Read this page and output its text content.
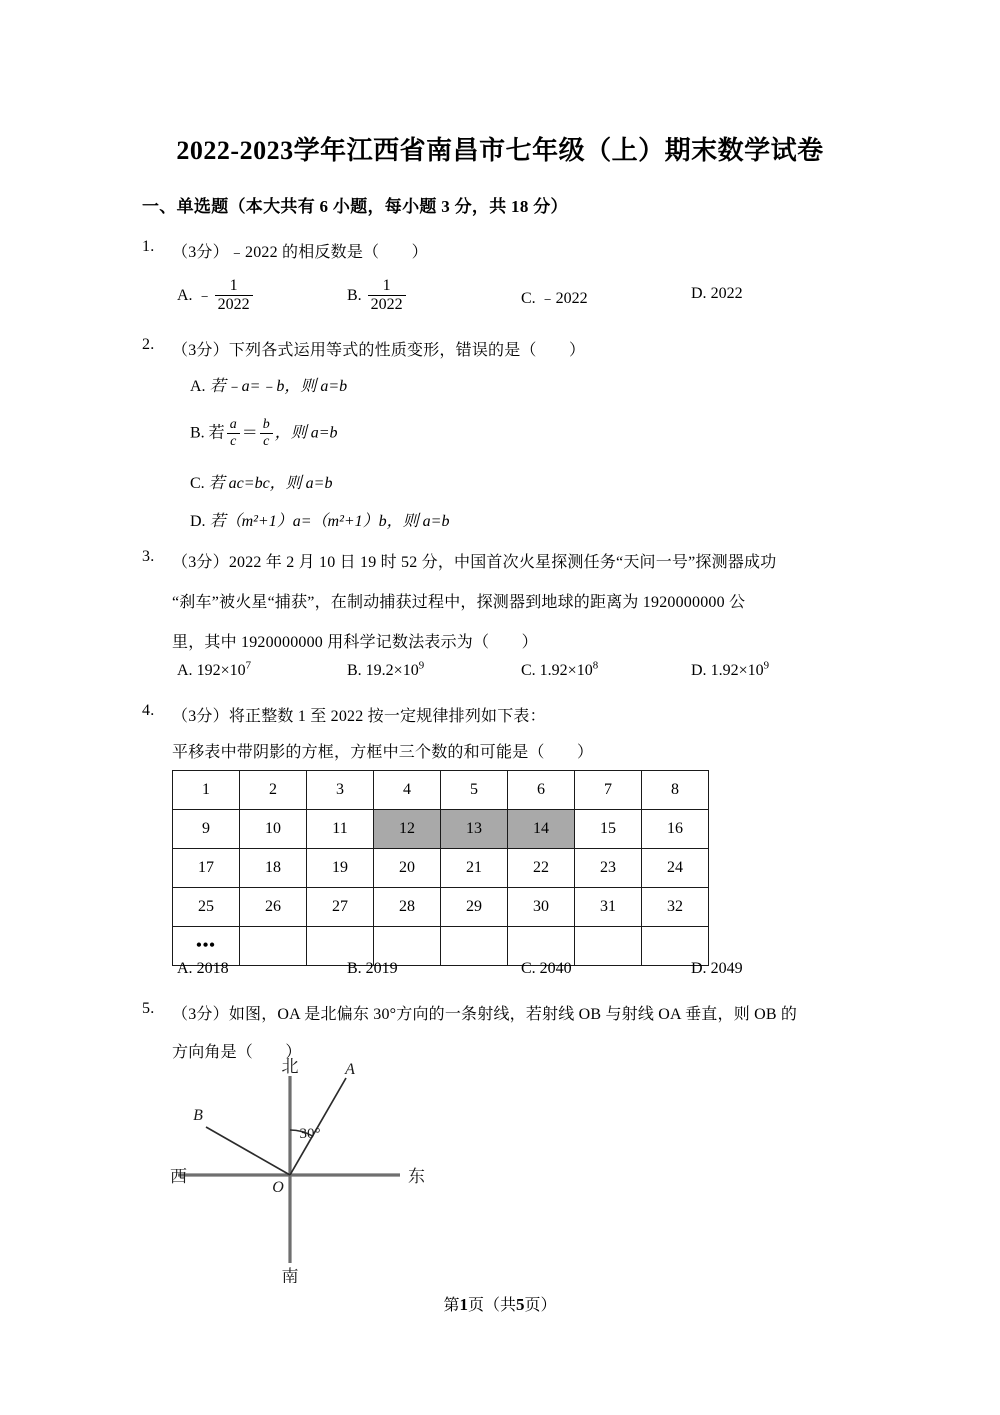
2022-2023学年江西省南昌市七年级（上）期末数学试卷
一、单选题（本大共有 6 小题，每小题 3 分，共 18 分）
1. （3分）﹣2022 的相反数是（　　）
A. ﹣ $\frac{1}{2022}$	B. $\frac{1}{2022}$	C. ﹣2022	D. 2022
2. （3分）下列各式运用等式的性质变形，错误的是（　　）
A. 若﹣a=﹣b，则 a=b
B. 若 $\frac{a}{c} = \frac{b}{c}$ ，则 a=b
C. 若 ac=bc，则 a=b
D. 若（m²+1）a=（m²+1）b，则 a=b
3. （3分）2022 年 2 月 10 日 19 时 52 分，中国首次火星探测任务“天问一号”探测器成功
“刹车”被火星“捕获”，在制动捕获过程中，探测器到地球的距离为 1920000000 公
里，其中 1920000000 用科学记数法表示为（　　）
A. $192\times 10^7$	B. $19.2\times 10^9$	C. $1.92\times 10^8$	D. $1.92\times 10^9$
4. （3分）将正整数 1 至 2022 按一定规律排列如下表：
平移表中带阴影的方框，方框中三个数的和可能是（　　）
1	2	3	4	5	6	7	8
9	10	11	12	13	14	15	16
17	18	19	20	21	22	23	24
25	26	27	28	29	30	31	32
•••							
A. 2018	B. 2019	C. 2040	D. 2049
5. （3分）如图，OA 是北偏东 30°方向的一条射线，若射线 OB 与射线 OA 垂直，则 OB 的
方向角是（　　）
北
南
西	东
O
A
B
30°
第1页（共5页）
